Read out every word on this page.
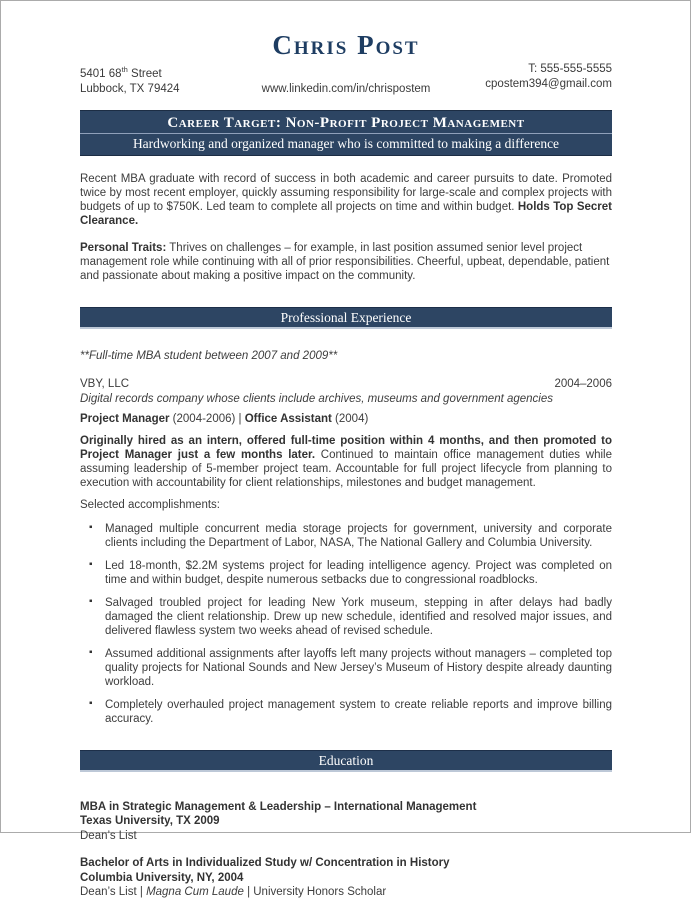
Chris Post
5401 68th Street
Lubbock, TX 79424	www.linkedin.com/in/chrispostem
T: 555-555-5555
cpostem394@gmail.com
Career Target: Non-Profit Project Management
Hardworking and organized manager who is committed to making a difference

Recent MBA graduate with record of success in both academic and career pursuits to date. Promoted twice by most recent employer, quickly assuming responsibility for large-scale and complex projects with budgets of up to $750K. Led team to complete all projects on time and within budget. Holds Top Secret Clearance.

Personal Traits: Thrives on challenges – for example, in last position assumed senior level project management role while continuing with all of prior responsibilities. Cheerful, upbeat, dependable, patient and passionate about making a positive impact on the community.

Professional Experience

**Full-time MBA student between 2007 and 2009**

VBY, LLC	2004–2006

Digital records company whose clients include archives, museums and government agencies

Project Manager (2004-2006) | Office Assistant (2004)

Originally hired as an intern, offered full-time position within 4 months, and then promoted to Project Manager just a few months later. Continued to maintain office management duties while assuming leadership of 5-member project team. Accountable for full project lifecycle from planning to execution with accountability for client relationships, milestones and budget management.

Selected accomplishments:

▪ Managed multiple concurrent media storage projects for government, university and corporate clients including the Department of Labor, NASA, The National Gallery and Columbia University.
▪ Led 18-month, $2.2M systems project for leading intelligence agency. Project was completed on time and within budget, despite numerous setbacks due to congressional roadblocks.
▪ Salvaged troubled project for leading New York museum, stepping in after delays had badly damaged the client relationship. Drew up new schedule, identified and resolved major issues, and delivered flawless system two weeks ahead of revised schedule.
▪ Assumed additional assignments after layoffs left many projects without managers – completed top quality projects for National Sounds and New Jersey’s Museum of History despite already daunting workload.
▪ Completely overhauled project management system to create reliable reports and improve billing accuracy.
Education
MBA in Strategic Management & Leadership – International Management
Texas University, TX 2009
Dean’s List
Bachelor of Arts in Individualized Study w/ Concentration in History
Columbia University, NY, 2004
Dean’s List | Magna Cum Laude | University Honors Scholar
